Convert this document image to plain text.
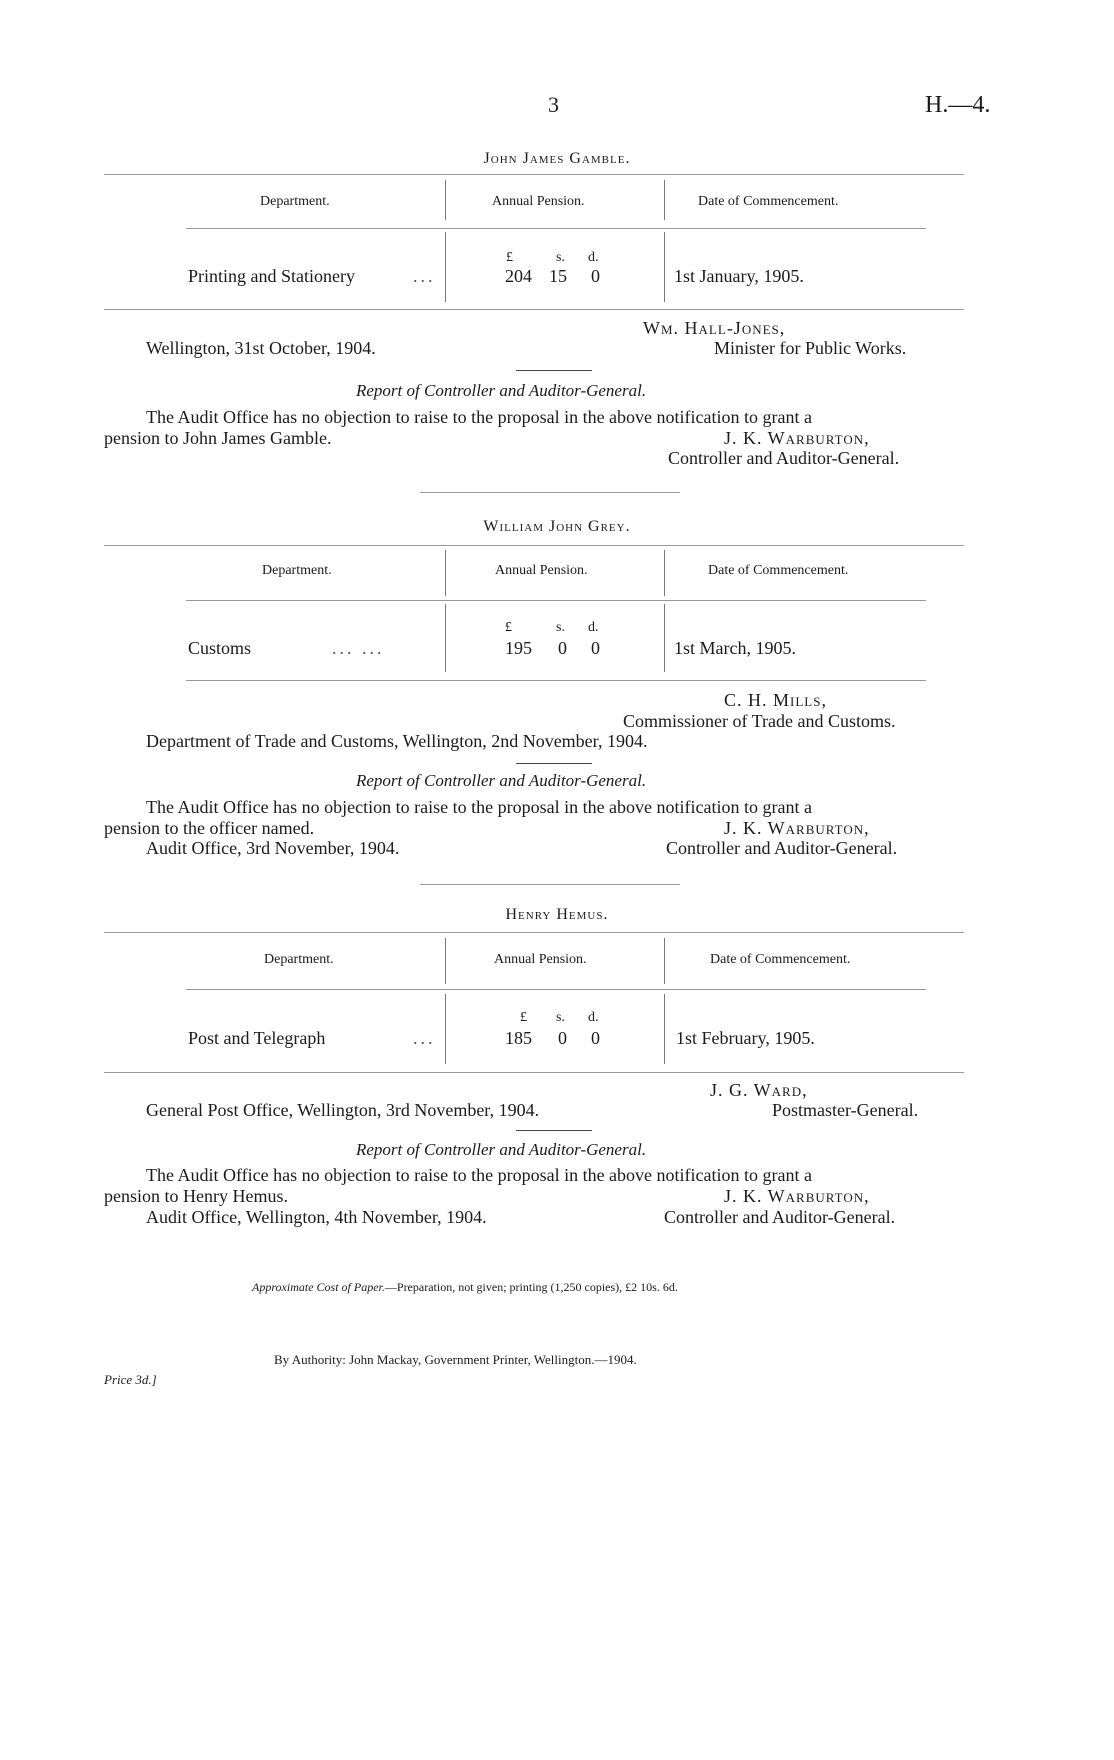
3	H.—4.
John James Gamble.
Department.	Annual Pension.	Date of Commencement.
£	s. d.
Printing and Stationery	...	204 15 0	1st January, 1905.
Wm. Hall-Jones,
Wellington, 31st October, 1904.	Minister for Public Works.
Report of Controller and Auditor-General.
The Audit Office has no objection to raise to the proposal in the above notification to grant a
pension to John James Gamble.	J. K. Warburton,
Controller and Auditor-General.
William John Grey.
Department.	Annual Pension.	Date of Commencement.
£	s. d.
Customs	... ...	195 0 0	1st March, 1905.
C. H. Mills,
Commissioner of Trade and Customs.
Department of Trade and Customs, Wellington, 2nd November, 1904.
Report of Controller and Auditor-General.
The Audit Office has no objection to raise to the proposal in the above notification to grant a
pension to the officer named.	J. K. Warburton,
Audit Office, 3rd November, 1904.	Controller and Auditor-General.
Henry Hemus.
Department.	Annual Pension.	Date of Commencement.
£ s. d.
Post and Telegraph	...	185 0 0	1st February, 1905.
J. G. Ward,
General Post Office, Wellington, 3rd November, 1904.	Postmaster-General.
Report of Controller and Auditor-General.
The Audit Office has no objection to raise to the proposal in the above notification to grant a
pension to Henry Hemus.	J. K. Warburton,
Audit Office, Wellington, 4th November, 1904.	Controller and Auditor-General.
Approximate Cost of Paper.—Preparation, not given; printing (1,250 copies), £2 10s. 6d.
By Authority: John Mackay, Government Printer, Wellington.—1904.
Price 3d.]
